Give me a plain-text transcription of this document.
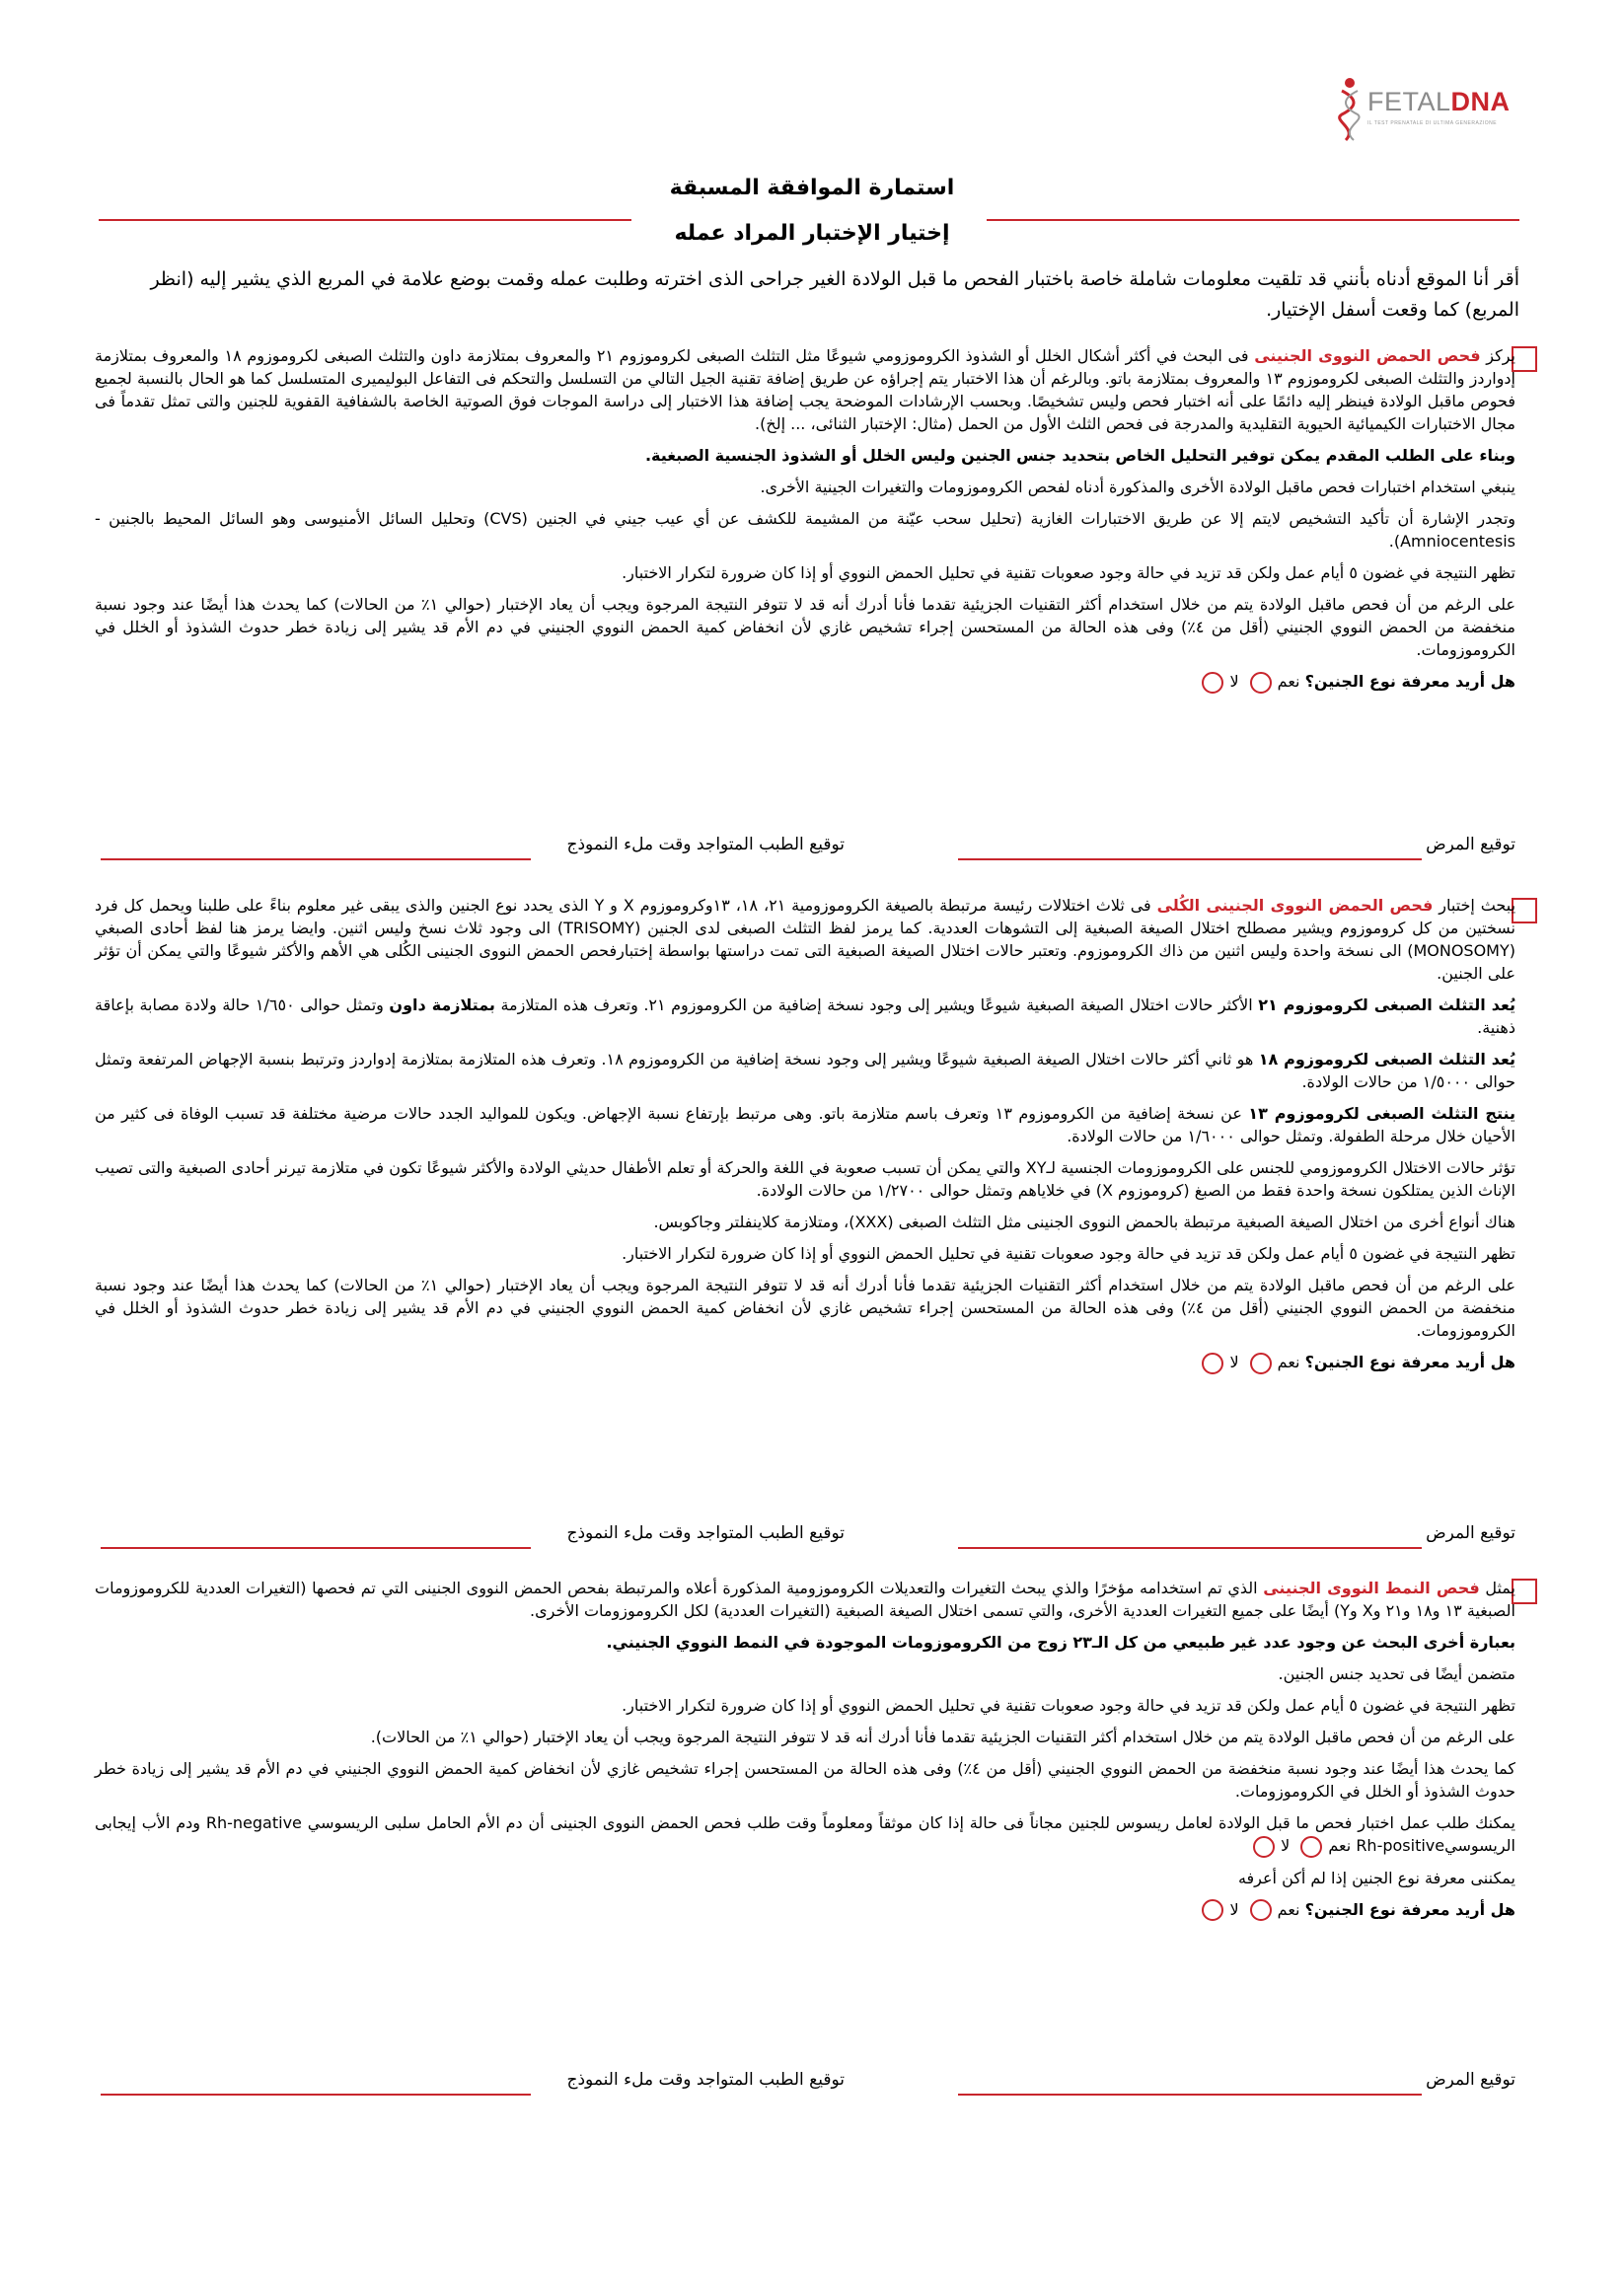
FETALDNA
IL TEST PRENATALE DI ULTIMA GENERAZIONE
استمارة الموافقة المسبقة
إختيار الإختبار المراد عمله
أقر أنا الموقع أدناه بأنني قد تلقيت معلومات شاملة خاصة باختبار الفحص ما قبل الولادة الغير جراحى الذى اخترته وطلبت عمله وقمت بوضع علامة في المربع الذي يشير إليه (انظر المربع) كما وقعت أسفل الإختيار.

يركز فحص الحمض النووى الجنينى فى البحث في أكثر أشكال الخلل أو الشذوذ الكروموزومي شيوعًا مثل التثلث الصبغى لكروموزوم ٢١ والمعروف بمتلازمة داون والتثلث الصبغى لكروموزوم ١٨ والمعروف بمتلازمة إدواردز والتثلث الصبغى لكروموزوم ١٣ والمعروف بمتلازمة باتو. وبالرغم أن هذا الاختبار يتم إجراؤه عن طريق إضافة تقنية الجيل التالي من التسلسل والتحكم فى التفاعل البوليميرى المتسلسل كما هو الحال بالنسبة لجميع فحوص ماقبل الولادة فينظر إليه دائمًا على أنه اختبار فحص وليس تشخيصًا. وبحسب الإرشادات الموضحة يجب إضافة هذا الاختبار إلى دراسة الموجات فوق الصوتية الخاصة بالشفافية القفوية للجنين والتى تمثل تقدماً فى مجال الاختبارات الكيميائية الحيوية التقليدية والمدرجة فى فحص الثلث الأول من الحمل (مثال: الإختبار الثنائى، ... إلخ).

وبناء على الطلب المقدم يمكن توفير التحليل الخاص بتحديد جنس الجنين وليس الخلل أو الشذوذ الجنسية الصبغية.

ينبغي استخدام اختبارات فحص ماقبل الولادة الأخرى والمذكورة أدناه لفحص الكروموزومات والتغيرات الجينية الأخرى.

وتجدر الإشارة أن تأكيد التشخيص لايتم إلا عن طريق الاختبارات الغازية (تحليل سحب عيّنة من المشيمة للكشف عن أي عيب جيني في الجنين (CVS) وتحليل السائل الأمنيوسى وهو السائل المحيط بالجنين - Amniocentesis).

تظهر النتيجة في غضون ٥ أيام عمل ولكن قد تزيد في حالة وجود صعوبات تقنية في تحليل الحمض النووي أو إذا كان ضرورة لتكرار الاختبار.

على الرغم من أن فحص ماقبل الولادة يتم من خلال استخدام أكثر التقنيات الجزيئية تقدما فأنا أدرك أنه قد لا تتوفر النتيجة المرجوة ويجب أن يعاد الإختبار (حوالي ١٪ من الحالات) كما يحدث هذا أيضًا عند وجود نسبة منخفضة من الحمض النووي الجنيني (أقل من ٤٪) وفى هذه الحالة من المستحسن إجراء تشخيص غازي لأن انخفاض كمية الحمض النووي الجنيني في دم الأم قد يشير إلى زيادة خطر حدوث الشذوذ أو الخلل في الكروموزومات.

هل أريد معرفة نوع الجنين؟ نعم لا

توقيع المرض
توقيع الطبب المتواجد وقت ملء النموذج

يبحث إختبار فحص الحمض النووى الجنينى الكُلى فى ثلاث اختلالات رئيسة مرتبطة بالصيغة الكروموزومية ٢١، ١٨، ١٣وكروموزوم X و Y الذى يحدد نوع الجنين والذى يبقى غير معلوم بناءً على طلبنا ويحمل كل فرد نسختين من كل كروموزوم ويشير مصطلح اختلال الصيغة الصبغية إلى التشوهات العددية. كما يرمز لفظ التثلث الصبغى لدى الجنين (TRISOMY) الى وجود ثلاث نسخ وليس اثنين. وايضا يرمز هنا لفظ أحادى الصبغي (MONOSOMY) الى نسخة واحدة وليس اثنين من ذاك الكروموزوم. وتعتبر حالات اختلال الصيغة الصبغية التى تمت دراستها بواسطة إختبارفحص الحمض النووى الجنينى الكُلى هي الأهم والأكثر شيوعًا والتي يمكن أن تؤثر على الجنين.

يُعد التثلث الصبغى لكروموزوم ٢١ الأكثر حالات اختلال الصيغة الصبغية شيوعًا ويشير إلى وجود نسخة إضافية من الكروموزوم ٢١. وتعرف هذه المتلازمة بمتلازمة داون وتمثل حوالى ١/٦٥٠ حالة ولادة مصابة بإعاقة ذهنية.

يُعد التثلث الصبغى لكروموزوم ١٨ هو ثاني أكثر حالات اختلال الصيغة الصبغية شيوعًا ويشير إلى وجود نسخة إضافية من الكروموزوم ١٨. وتعرف هذه المتلازمة بمتلازمة إدواردز وترتبط بنسبة الإجهاض المرتفعة وتمثل حوالى ١/٥٠٠٠ من حالات الولادة.

ينتج التثلث الصبغى لكروموزوم ١٣ عن نسخة إضافية من الكروموزوم ١٣ وتعرف باسم متلازمة باتو. وهى مرتبط بإرتفاع نسبة الإجهاض. ويكون للمواليد الجدد حالات مرضية مختلفة قد تسبب الوفاة فى كثير من الأحيان خلال مرحلة الطفولة. وتمثل حوالى ١/٦٠٠٠ من حالات الولادة.

تؤثر حالات الاختلال الكروموزومي للجنس على الكروموزومات الجنسية لـXY والتي يمكن أن تسبب صعوبة في اللغة والحركة أو تعلم الأطفال حديثي الولادة والأكثر شيوعًا تكون في متلازمة تيرنر أحادى الصبغية والتى تصيب الإناث الذين يمتلكون نسخة واحدة فقط من الصبغ (كروموزوم X) في خلاياهم وتمثل حوالى ١/٢٧٠٠ من حالات الولادة.

هناك أنواع أخرى من اختلال الصيغة الصبغية مرتبطة بالحمض النووى الجنينى مثل التثلث الصبغى (XXX)، ومتلازمة كلاينفلتر وجاكوبس.

تظهر النتيجة في غضون ٥ أيام عمل ولكن قد تزيد في حالة وجود صعوبات تقنية في تحليل الحمض النووي أو إذا كان ضرورة لتكرار الاختبار.

على الرغم من أن فحص ماقبل الولادة يتم من خلال استخدام أكثر التقنيات الجزيئية تقدما فأنا أدرك أنه قد لا تتوفر النتيجة المرجوة ويجب أن يعاد الإختبار (حوالي ١٪ من الحالات) كما يحدث هذا أيضًا عند وجود نسبة منخفضة من الحمض النووي الجنيني (أقل من ٤٪) وفى هذه الحالة من المستحسن إجراء تشخيص غازي لأن انخفاض كمية الحمض النووي الجنيني في دم الأم قد يشير إلى زيادة خطر حدوث الشذوذ أو الخلل في الكروموزومات.

هل أريد معرفة نوع الجنين؟ نعم لا

توقيع المرض
توقيع الطبب المتواجد وقت ملء النموذج

يمثل فحص النمط النووى الجنينى الذي تم استخدامه مؤخرًا والذي يبحث التغيرات والتعديلات الكروموزومية المذكورة أعلاه والمرتبطة بفحص الحمض النووى الجنينى التي تم فحصها (التغيرات العددية للكروموزومات الصبغية ١٣ و١٨ و٢١ وX وY) أيضًا على جميع التغيرات العددية الأخرى، والتي تسمى اختلال الصيغة الصبغية (التغيرات العددية) لكل الكروموزومات الأخرى.

بعبارة أخرى البحث عن وجود عدد غير طبيعي من كل الـ٢٣ زوج من الكروموزومات الموجودة في النمط النووي الجنيني.

متضمن أيضًا فى تحديد جنس الجنين.

تظهر النتيجة في غضون ٥ أيام عمل ولكن قد تزيد في حالة وجود صعوبات تقنية في تحليل الحمض النووي أو إذا كان ضرورة لتكرار الاختبار.

على الرغم من أن فحص ماقبل الولادة يتم من خلال استخدام أكثر التقنيات الجزيئية تقدما فأنا أدرك أنه قد لا تتوفر النتيجة المرجوة ويجب أن يعاد الإختبار (حوالي ١٪ من الحالات).

كما يحدث هذا أيضًا عند وجود نسبة منخفضة من الحمض النووي الجنيني (أقل من ٤٪) وفى هذه الحالة من المستحسن إجراء تشخيص غازي لأن انخفاض كمية الحمض النووي الجنيني في دم الأم قد يشير إلى زيادة خطر حدوث الشذوذ أو الخلل في الكروموزومات.

يمكنك طلب عمل اختبار فحص ما قبل الولادة لعامل ريسوس للجنين مجاناً فى حالة إذا كان موثقاً ومعلوماً وقت طلب فحص الحمض النووى الجنينى أن دم الأم الحامل سلبى الريسوسي Rh-negative ودم الأب إيجابى الريسوسيRh-positive نعم لا

يمكننى معرفة نوع الجنين إذا لم أكن أعرفه

هل أريد معرفة نوع الجنين؟ نعم لا

توقيع المرض
توقيع الطبب المتواجد وقت ملء النموذج
